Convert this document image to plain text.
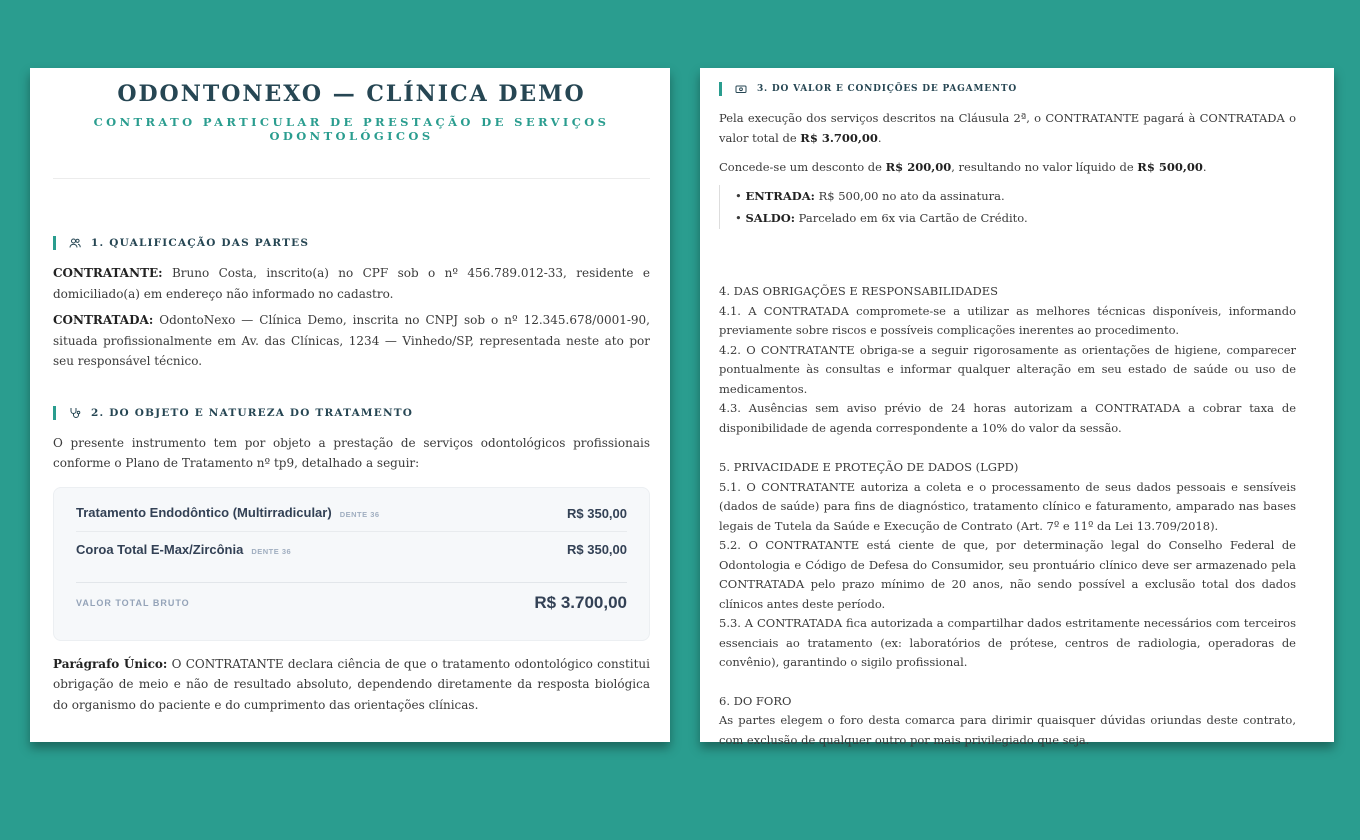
ODONTONEXO — CLÍNICA DEMO
CONTRATO PARTICULAR DE PRESTAÇÃO DE SERVIÇOS ODONTOLÓGICOS
1. QUALIFICAÇÃO DAS PARTES

CONTRATANTE: Bruno Costa, inscrito(a) no CPF sob o nº 456.789.012-33, residente e domiciliado(a) em endereço não informado no cadastro.

CONTRATADA: OdontoNexo — Clínica Demo, inscrita no CNPJ sob o nº 12.345.678/0001-90, situada profissionalmente em Av. das Clínicas, 1234 — Vinhedo/SP, representada neste ato por seu responsável técnico.

2. DO OBJETO E NATUREZA DO TRATAMENTO

O presente instrumento tem por objeto a prestação de serviços odontológicos profissionais conforme o Plano de Tratamento nº tp9, detalhado a seguir:

Tratamento Endodôntico (Multirradicular) DENTE 36	R$ 350,00
Coroa Total E-Max/Zircônia DENTE 36	R$ 350,00
VALOR TOTAL BRUTO	R$ 3.700,00

Parágrafo Único: O CONTRATANTE declara ciência de que o tratamento odontológico constitui obrigação de meio e não de resultado absoluto, dependendo diretamente da resposta biológica do organismo do paciente e do cumprimento das orientações clínicas.

3. DO VALOR E CONDIÇÕES DE PAGAMENTO

Pela execução dos serviços descritos na Cláusula 2ª, o CONTRATANTE pagará à CONTRATADA o valor total de R$ 3.700,00.

Concede-se um desconto de R$ 200,00, resultando no valor líquido de R$ 500,00.

• ENTRADA: R$ 500,00 no ato da assinatura.
• SALDO: Parcelado em 6x via Cartão de Crédito.
4. DAS OBRIGAÇÕES E RESPONSABILIDADES
4.1. A CONTRATADA compromete-se a utilizar as melhores técnicas disponíveis, informando previamente sobre riscos e possíveis complicações inerentes ao procedimento.
4.2. O CONTRATANTE obriga-se a seguir rigorosamente as orientações de higiene, comparecer pontualmente às consultas e informar qualquer alteração em seu estado de saúde ou uso de medicamentos.
4.3. Ausências sem aviso prévio de 24 horas autorizam a CONTRATADA a cobrar taxa de disponibilidade de agenda correspondente a 10% do valor da sessão.
5. PRIVACIDADE E PROTEÇÃO DE DADOS (LGPD)
5.1. O CONTRATANTE autoriza a coleta e o processamento de seus dados pessoais e sensíveis (dados de saúde) para fins de diagnóstico, tratamento clínico e faturamento, amparado nas bases legais de Tutela da Saúde e Execução de Contrato (Art. 7º e 11º da Lei 13.709/2018).
5.2. O CONTRATANTE está ciente de que, por determinação legal do Conselho Federal de Odontologia e Código de Defesa do Consumidor, seu prontuário clínico deve ser armazenado pela CONTRATADA pelo prazo mínimo de 20 anos, não sendo possível a exclusão total dos dados clínicos antes deste período.
5.3. A CONTRATADA fica autorizada a compartilhar dados estritamente necessários com terceiros essenciais ao tratamento (ex: laboratórios de prótese, centros de radiologia, operadoras de convênio), garantindo o sigilo profissional.
6. DO FORO
As partes elegem o foro desta comarca para dirimir quaisquer dúvidas oriundas deste contrato, com exclusão de qualquer outro por mais privilegiado que seja.
